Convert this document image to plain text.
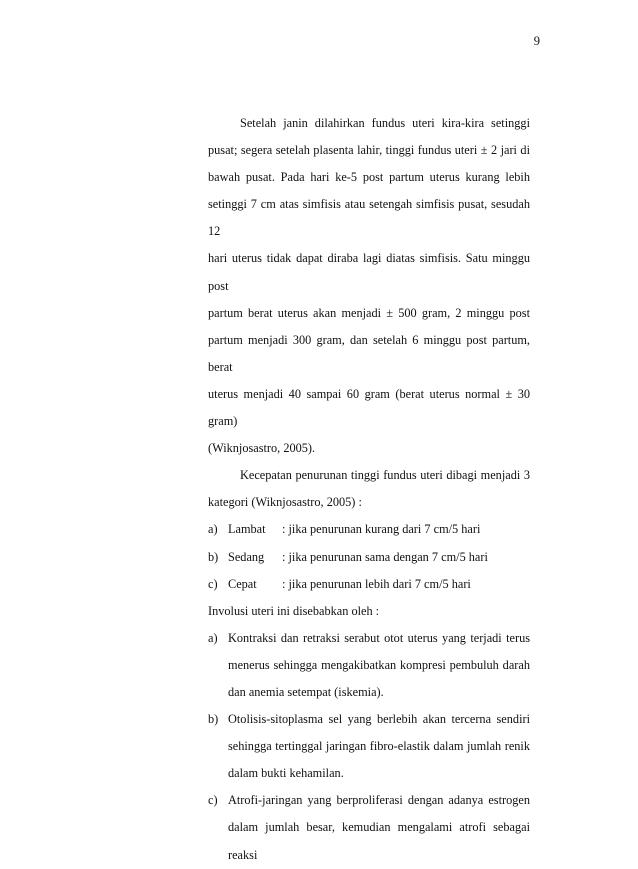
9
Setelah janin dilahirkan fundus uteri kira-kira setinggi
pusat; segera setelah plasenta lahir, tinggi fundus uteri ± 2 jari di
bawah pusat. Pada hari ke-5 post partum uterus kurang lebih
setinggi 7 cm atas simfisis atau setengah simfisis pusat, sesudah 12
hari uterus tidak dapat diraba lagi diatas simfisis. Satu minggu post
partum berat uterus akan menjadi ± 500 gram, 2 minggu post
partum menjadi 300 gram, dan setelah 6 minggu post partum, berat
uterus menjadi 40 sampai 60 gram (berat uterus normal ± 30 gram)
(Wiknjosastro, 2005).
Kecepatan penurunan tinggi fundus uteri dibagi menjadi 3
kategori (Wiknjosastro, 2005) :
a) Lambat	: jika penurunan kurang dari 7 cm/5 hari
b) Sedang	: jika penurunan sama dengan 7 cm/5 hari
c) Cepat	: jika penurunan lebih dari 7 cm/5 hari
Involusi uteri ini disebabkan oleh :
a) Kontraksi dan retraksi serabut otot uterus yang terjadi terus
menerus sehingga mengakibatkan kompresi pembuluh darah
dan anemia setempat (iskemia).
b) Otolisis-sitoplasma sel yang berlebih akan tercerna sendiri
sehingga tertinggal jaringan fibro-elastik dalam jumlah renik
dalam bukti kehamilan.
c) Atrofi-jaringan yang berproliferasi dengan adanya estrogen
dalam jumlah besar, kemudian mengalami atrofi sebagai reaksi
